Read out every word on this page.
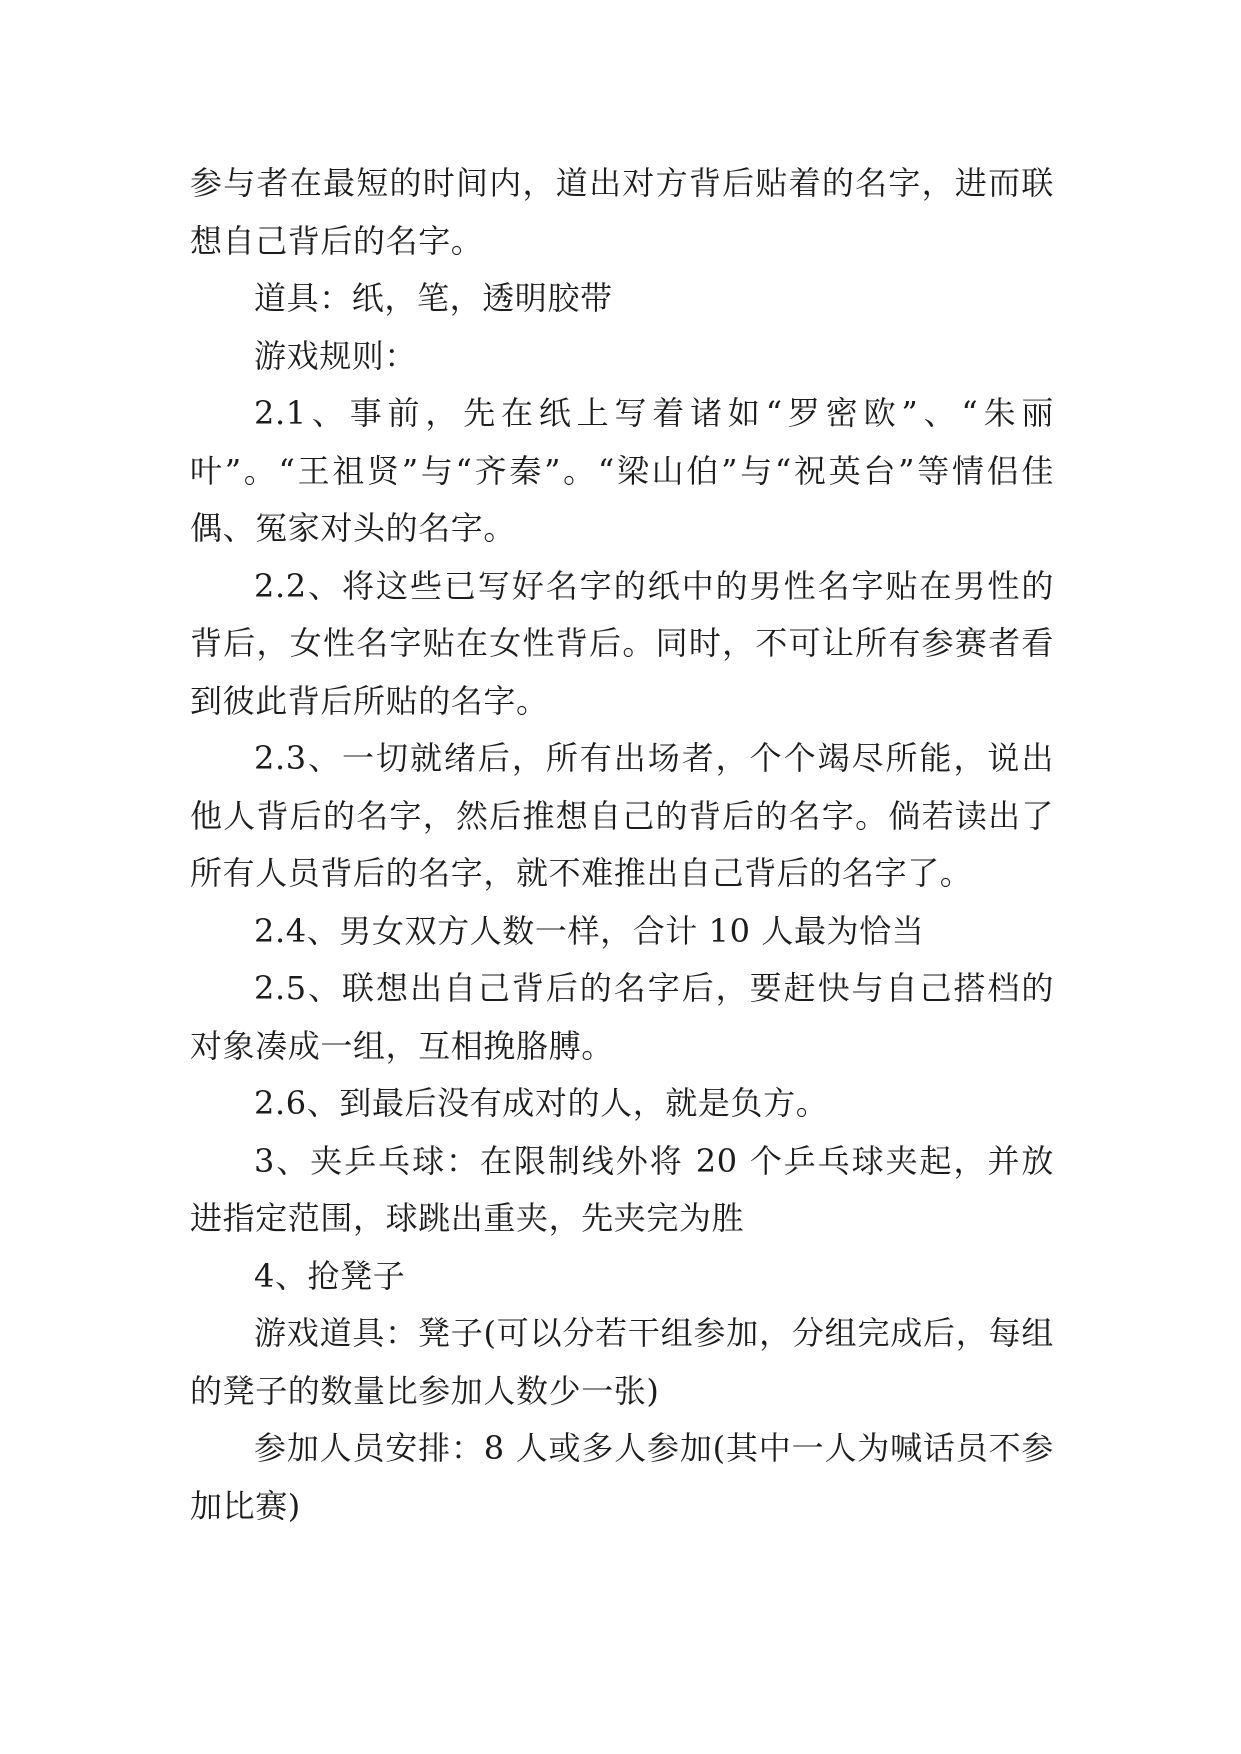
参与者在最短的时间内，道出对方背后贴着的名字，进而联想自己背后的名字。

道具：纸，笔，透明胶带

游戏规则：

2.1、事前，先在纸上写着诸如“罗密欧”、“朱丽叶”。“王祖贤”与“齐秦”。“梁山伯”与“祝英台”等情侣佳偶、冤家对头的名字。

2.2、将这些已写好名字的纸中的男性名字贴在男性的背后，女性名字贴在女性背后。同时，不可让所有参赛者看到彼此背后所贴的名字。

2.3、一切就绪后，所有出场者，个个竭尽所能，说出他人背后的名字，然后推想自己的背后的名字。倘若读出了所有人员背后的名字，就不难推出自己背后的名字了。

2.4、男女双方人数一样，合计 10 人最为恰当

2.5、联想出自己背后的名字后，要赶快与自己搭档的对象凑成一组，互相挽胳膊。

2.6、到最后没有成对的人，就是负方。

3、夹乒乓球：在限制线外将 20 个乒乓球夹起，并放进指定范围，球跳出重夹，先夹完为胜

4、抢凳子

游戏道具：凳子(可以分若干组参加，分组完成后，每组的凳子的数量比参加人数少一张)

参加人员安排：8 人或多人参加(其中一人为喊话员不参加比赛)
